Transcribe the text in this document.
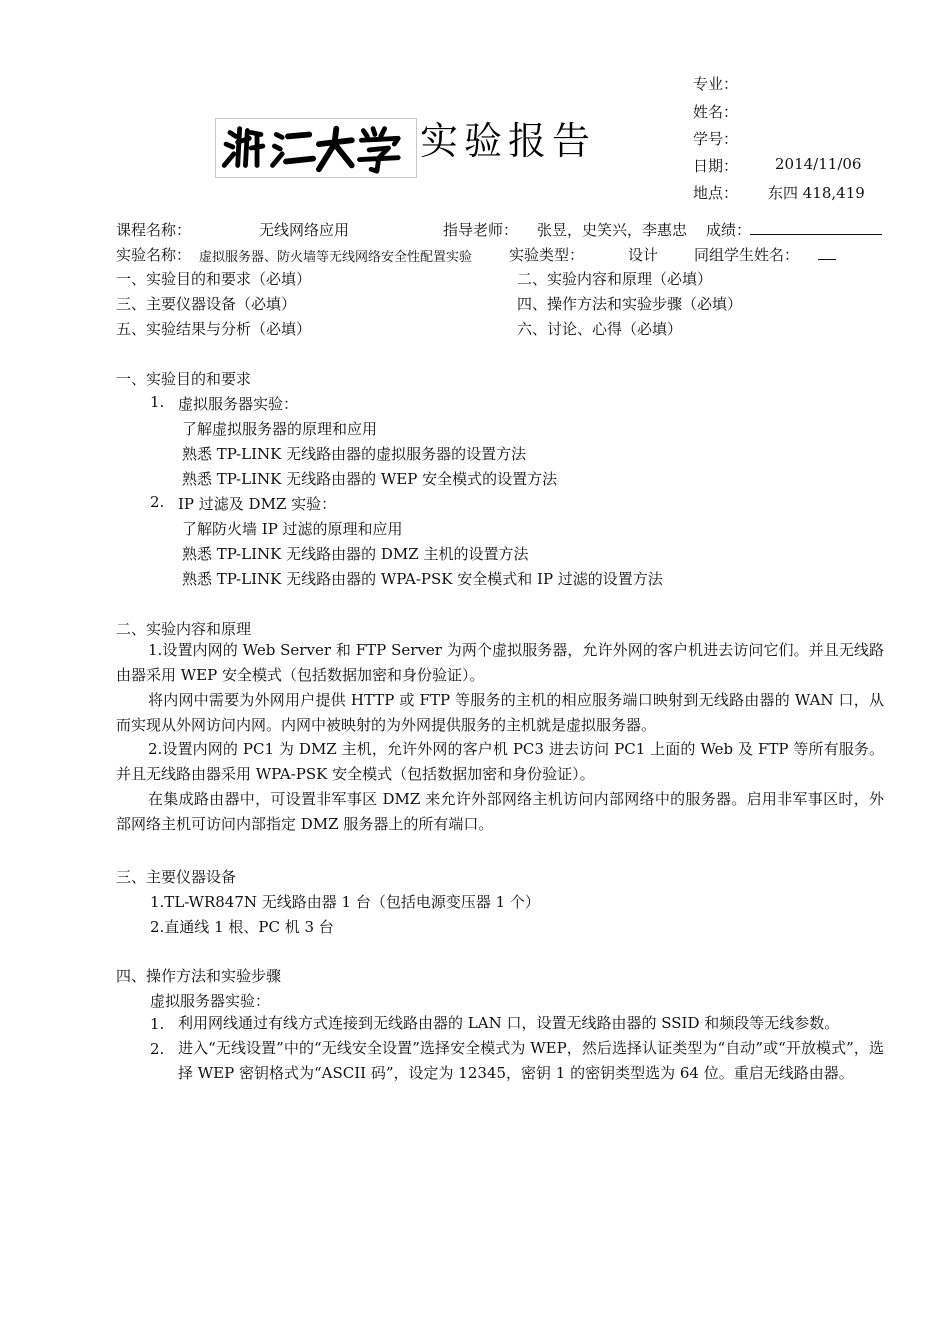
实验报告
专业：
姓名：
学号：
日期： 2014/11/06
地点： 东四 418,419
课程名称：	无线网络应用	指导老师： 张昱，史笑兴，李惠忠 成绩：
实验名称： 虚拟服务器、防火墙等无线网络安全性配置实验 实验类型：	设计 同组学生姓名：
一、实验目的和要求（必填）	二、实验内容和原理（必填）
三、主要仪器设备（必填）	四、操作方法和实验步骤（必填）
五、实验结果与分析（必填）	六、讨论、心得（必填）
一、实验目的和要求
1. 虚拟服务器实验：
了解虚拟服务器的原理和应用
熟悉 TP-LINK 无线路由器的虚拟服务器的设置方法
熟悉 TP-LINK 无线路由器的 WEP 安全模式的设置方法
2. IP 过滤及 DMZ 实验：
了解防火墙 IP 过滤的原理和应用
熟悉 TP-LINK 无线路由器的 DMZ 主机的设置方法
熟悉 TP-LINK 无线路由器的 WPA-PSK 安全模式和 IP 过滤的设置方法
二、实验内容和原理
1.设置内网的 Web Server 和 FTP Server 为两个虚拟服务器，允许外网的客户机进去访问它们。并且无线路由器采用 WEP 安全模式（包括数据加密和身份验证）。
将内网中需要为外网用户提供 HTTP 或 FTP 等服务的主机的相应服务端口映射到无线路由器的 WAN 口，从而实现从外网访问内网。内网中被映射的为外网提供服务的主机就是虚拟服务器。
2.设置内网的 PC1 为 DMZ 主机，允许外网的客户机 PC3 进去访问 PC1 上面的 Web 及 FTP 等所有服务。并且无线路由器采用 WPA-PSK 安全模式（包括数据加密和身份验证）。
在集成路由器中，可设置非军事区 DMZ 来允许外部网络主机访问内部网络中的服务器。启用非军事区时，外部网络主机可访问内部指定 DMZ 服务器上的所有端口。
三、主要仪器设备
1.TL-WR847N 无线路由器 1 台（包括电源变压器 1 个）
2.直通线 1 根、PC 机 3 台
四、操作方法和实验步骤
虚拟服务器实验：
1. 利用网线通过有线方式连接到无线路由器的 LAN 口，设置无线路由器的 SSID 和频段等无线参数。
2. 进入“无线设置”中的“无线安全设置”选择安全模式为 WEP，然后选择认证类型为“自动”或“开放模式”，选择 WEP 密钥格式为“ASCII 码”，设定为 12345，密钥 1 的密钥类型选为 64 位。重启无线路由器。
